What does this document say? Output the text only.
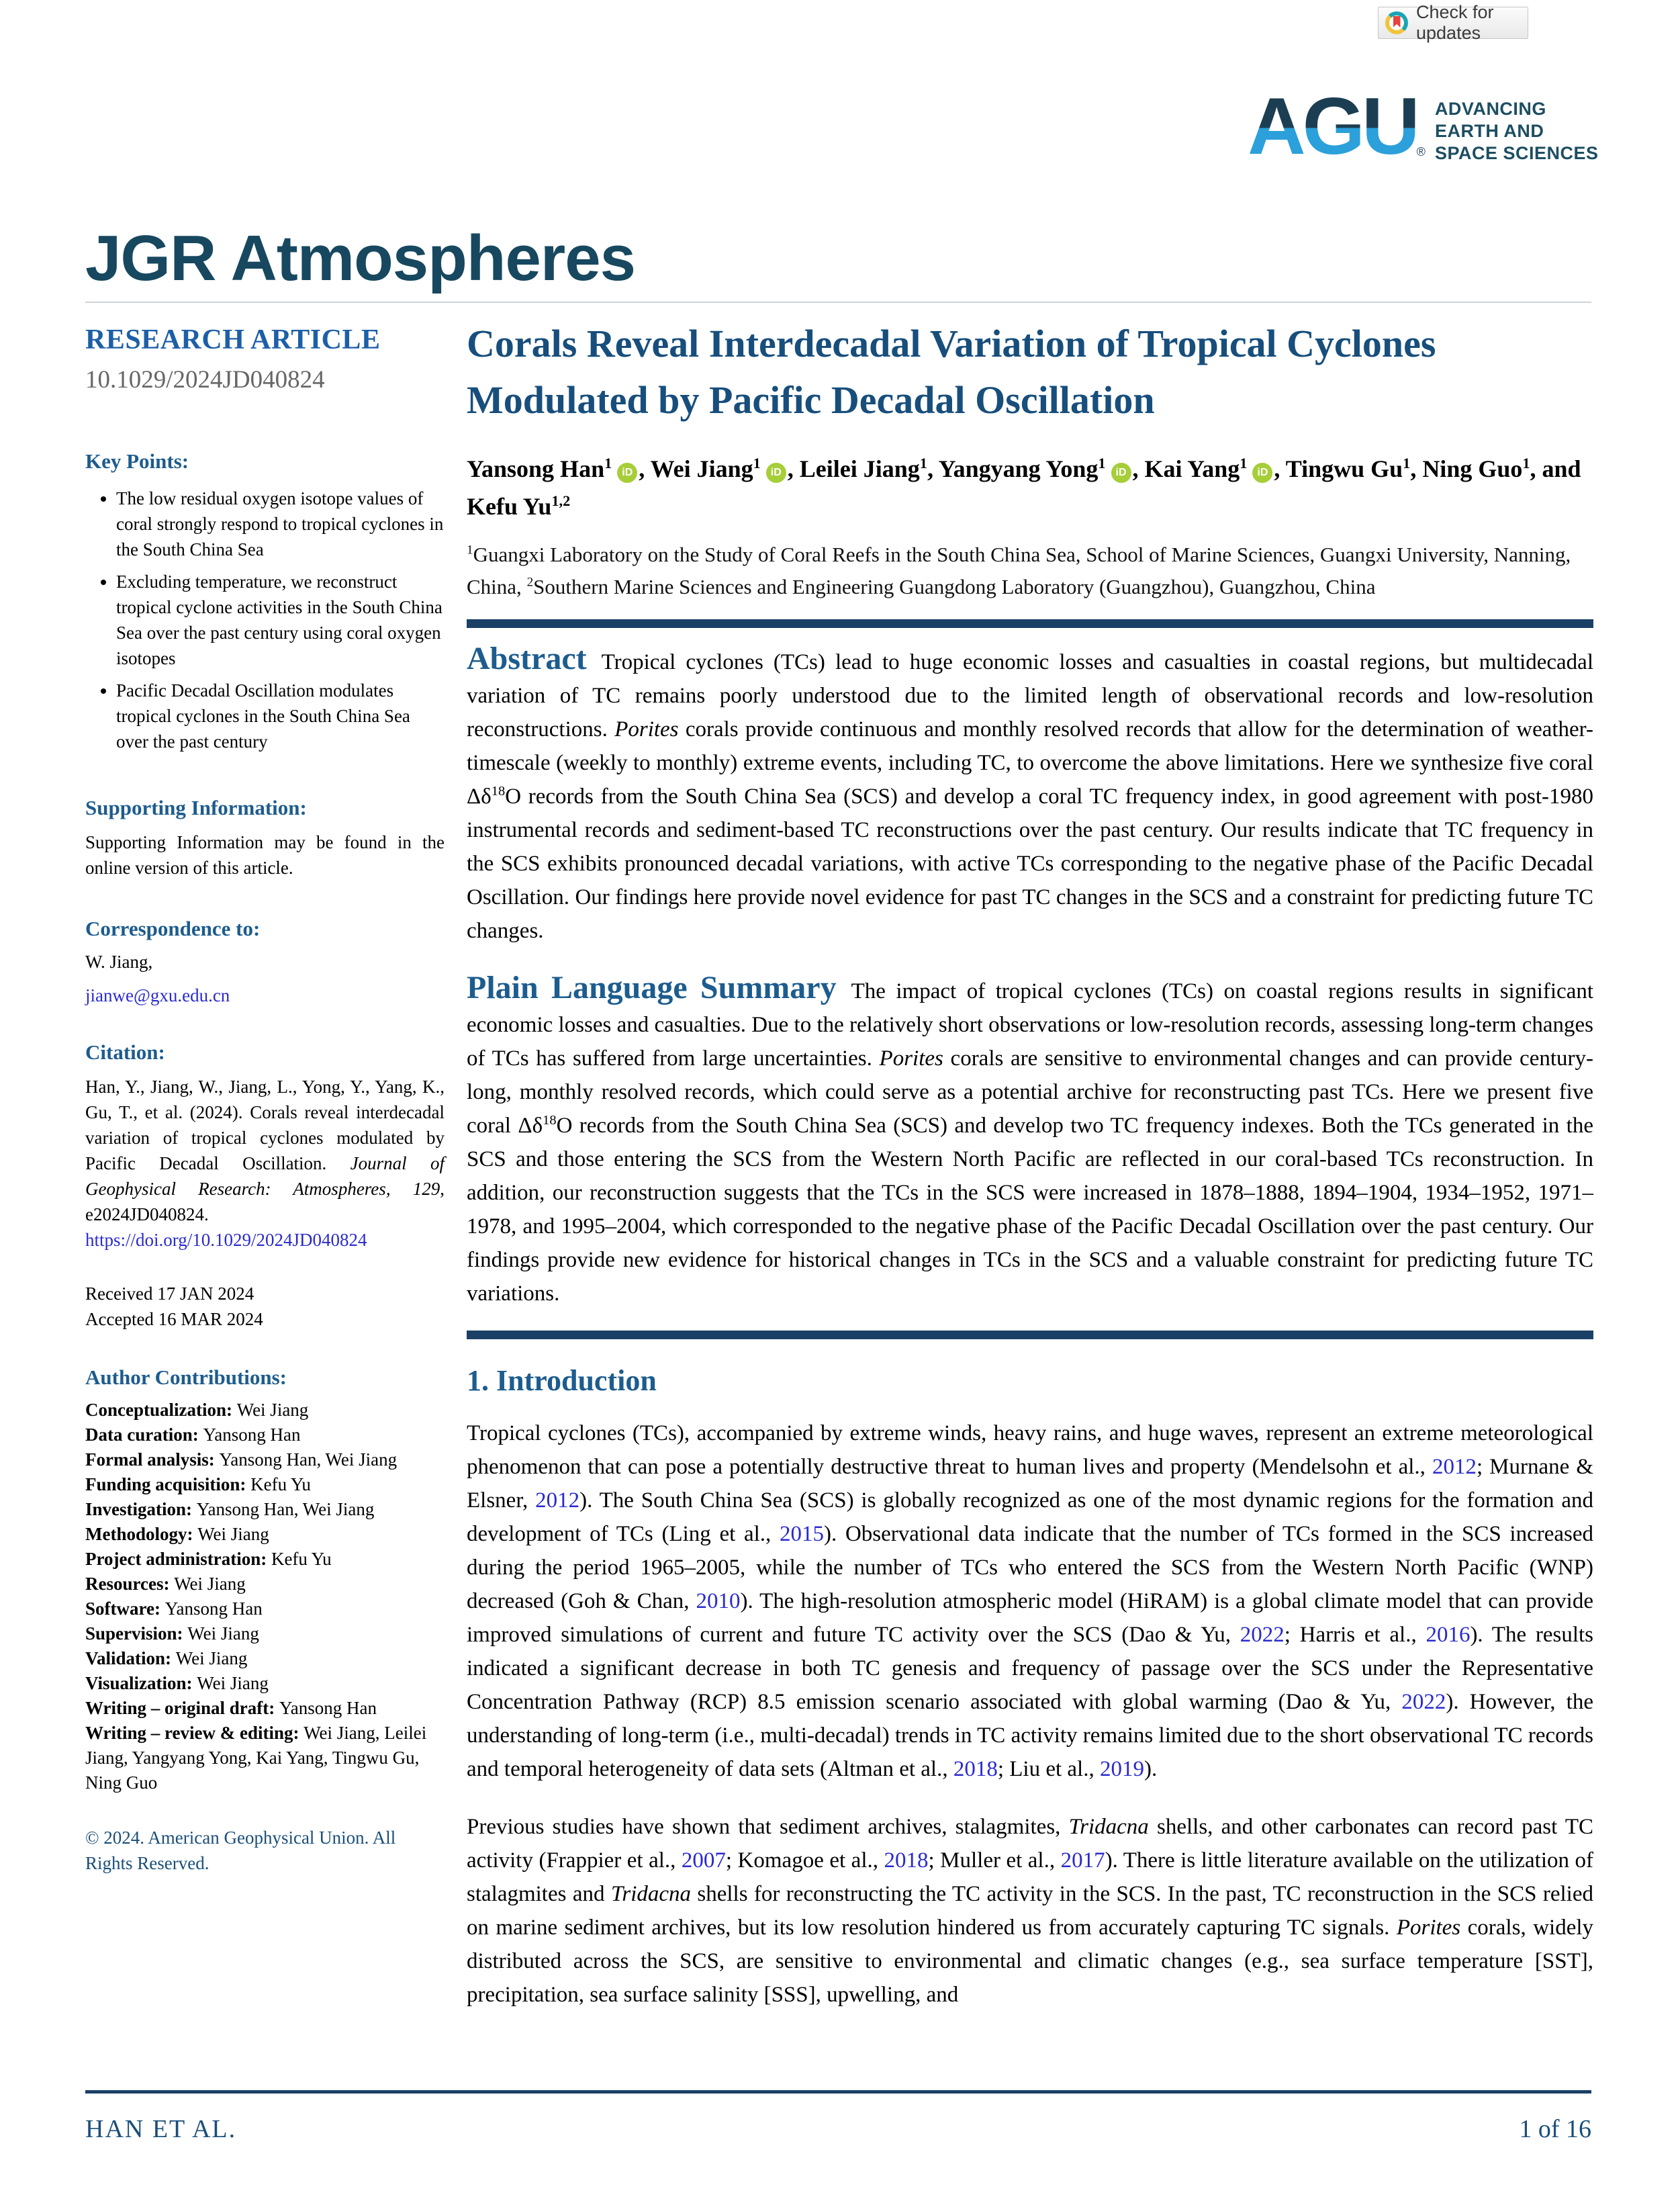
Check for updates
AGU ®
ADVANCING
EARTH AND
SPACE SCIENCES
JGR Atmospheres
RESEARCH ARTICLE
10.1029/2024JD040824
Key Points:
• The low residual oxygen isotope values of coral strongly respond to tropical cyclones in the South China Sea
• Excluding temperature, we reconstruct tropical cyclone activities in the South China Sea over the past century using coral oxygen isotopes
• Pacific Decadal Oscillation modulates tropical cyclones in the South China Sea over the past century
Supporting Information:
Supporting Information may be found in the online version of this article.
Correspondence to:
W. Jiang,
jianwe@gxu.edu.cn
Citation:
Han, Y., Jiang, W., Jiang, L., Yong, Y., Yang, K., Gu, T., et al. (2024). Corals reveal interdecadal variation of tropical cyclones modulated by Pacific Decadal Oscillation. Journal of Geophysical Research: Atmospheres, 129, e2024JD040824. https://doi.org/10.1029/2024JD040824
Received 17 JAN 2024
Accepted 16 MAR 2024
Author Contributions:
Conceptualization: Wei Jiang
Data curation: Yansong Han
Formal analysis: Yansong Han, Wei Jiang
Funding acquisition: Kefu Yu
Investigation: Yansong Han, Wei Jiang
Methodology: Wei Jiang
Project administration: Kefu Yu
Resources: Wei Jiang
Software: Yansong Han
Supervision: Wei Jiang
Validation: Wei Jiang
Visualization: Wei Jiang
Writing – original draft: Yansong Han
Writing – review & editing: Wei Jiang, Leilei Jiang, Yangyang Yong, Kai Yang, Tingwu Gu, Ning Guo
© 2024. American Geophysical Union. All Rights Reserved.
Corals Reveal Interdecadal Variation of Tropical Cyclones
Modulated by Pacific Decadal Oscillation
Yansong Han$^1$iD , Wei Jiang$^1$iD , Leilei Jiang$^1$, Yangyang Yong$^1$iD , Kai Yang$^1$iD , Tingwu Gu$^1$, Ning Guo$^1$, and Kefu Yu$^{1,2}$
$^1$Guangxi Laboratory on the Study of Coral Reefs in the South China Sea, School of Marine Sciences, Guangxi University, Nanning, China, $^2$Southern Marine Sciences and Engineering Guangdong Laboratory (Guangzhou), Guangzhou, China
Abstract Tropical cyclones (TCs) lead to huge economic losses and casualties in coastal regions, but multidecadal variation of TC remains poorly understood due to the limited length of observational records and low-resolution reconstructions. Porites corals provide continuous and monthly resolved records that allow for the determination of weather-timescale (weekly to monthly) extreme events, including TC, to overcome the above limitations. Here we synthesize five coral $\Delta\delta^{18}O$ records from the South China Sea (SCS) and develop a coral TC frequency index, in good agreement with post-1980 instrumental records and sediment-based TC reconstructions over the past century. Our results indicate that TC frequency in the SCS exhibits pronounced decadal variations, with active TCs corresponding to the negative phase of the Pacific Decadal Oscillation. Our findings here provide novel evidence for past TC changes in the SCS and a constraint for predicting future TC changes.
Plain Language Summary The impact of tropical cyclones (TCs) on coastal regions results in significant economic losses and casualties. Due to the relatively short observations or low-resolution records, assessing long-term changes of TCs has suffered from large uncertainties. Porites corals are sensitive to environmental changes and can provide century-long, monthly resolved records, which could serve as a potential archive for reconstructing past TCs. Here we present five coral $\Delta\delta^{18}O$ records from the South China Sea (SCS) and develop two TC frequency indexes. Both the TCs generated in the SCS and those entering the SCS from the Western North Pacific are reflected in our coral-based TCs reconstruction. In addition, our reconstruction suggests that the TCs in the SCS were increased in 1878–1888, 1894–1904, 1934–1952, 1971–1978, and 1995–2004, which corresponded to the negative phase of the Pacific Decadal Oscillation over the past century. Our findings provide new evidence for historical changes in TCs in the SCS and a valuable constraint for predicting future TC variations.
1. Introduction
Tropical cyclones (TCs), accompanied by extreme winds, heavy rains, and huge waves, represent an extreme meteorological phenomenon that can pose a potentially destructive threat to human lives and property (Mendelsohn et al., 2012; Murnane & Elsner, 2012). The South China Sea (SCS) is globally recognized as one of the most dynamic regions for the formation and development of TCs (Ling et al., 2015). Observational data indicate that the number of TCs formed in the SCS increased during the period 1965–2005, while the number of TCs who entered the SCS from the Western North Pacific (WNP) decreased (Goh & Chan, 2010). The high-resolution atmospheric model (HiRAM) is a global climate model that can provide improved simulations of current and future TC activity over the SCS (Dao & Yu, 2022; Harris et al., 2016). The results indicated a significant decrease in both TC genesis and frequency of passage over the SCS under the Representative Concentration Pathway (RCP) 8.5 emission scenario associated with global warming (Dao & Yu, 2022). However, the understanding of long-term (i.e., multi-decadal) trends in TC activity remains limited due to the short observational TC records and temporal heterogeneity of data sets (Altman et al., 2018; Liu et al., 2019).
Previous studies have shown that sediment archives, stalagmites, Tridacna shells, and other carbonates can record past TC activity (Frappier et al., 2007; Komagoe et al., 2018; Muller et al., 2017). There is little literature available on the utilization of stalagmites and Tridacna shells for reconstructing the TC activity in the SCS. In the past, TC reconstruction in the SCS relied on marine sediment archives, but its low resolution hindered us from accurately capturing TC signals. Porites corals, widely distributed across the SCS, are sensitive to environmental and climatic changes (e.g., sea surface temperature [SST], precipitation, sea surface salinity [SSS], upwelling, and
HAN ET AL.	1 of 16
